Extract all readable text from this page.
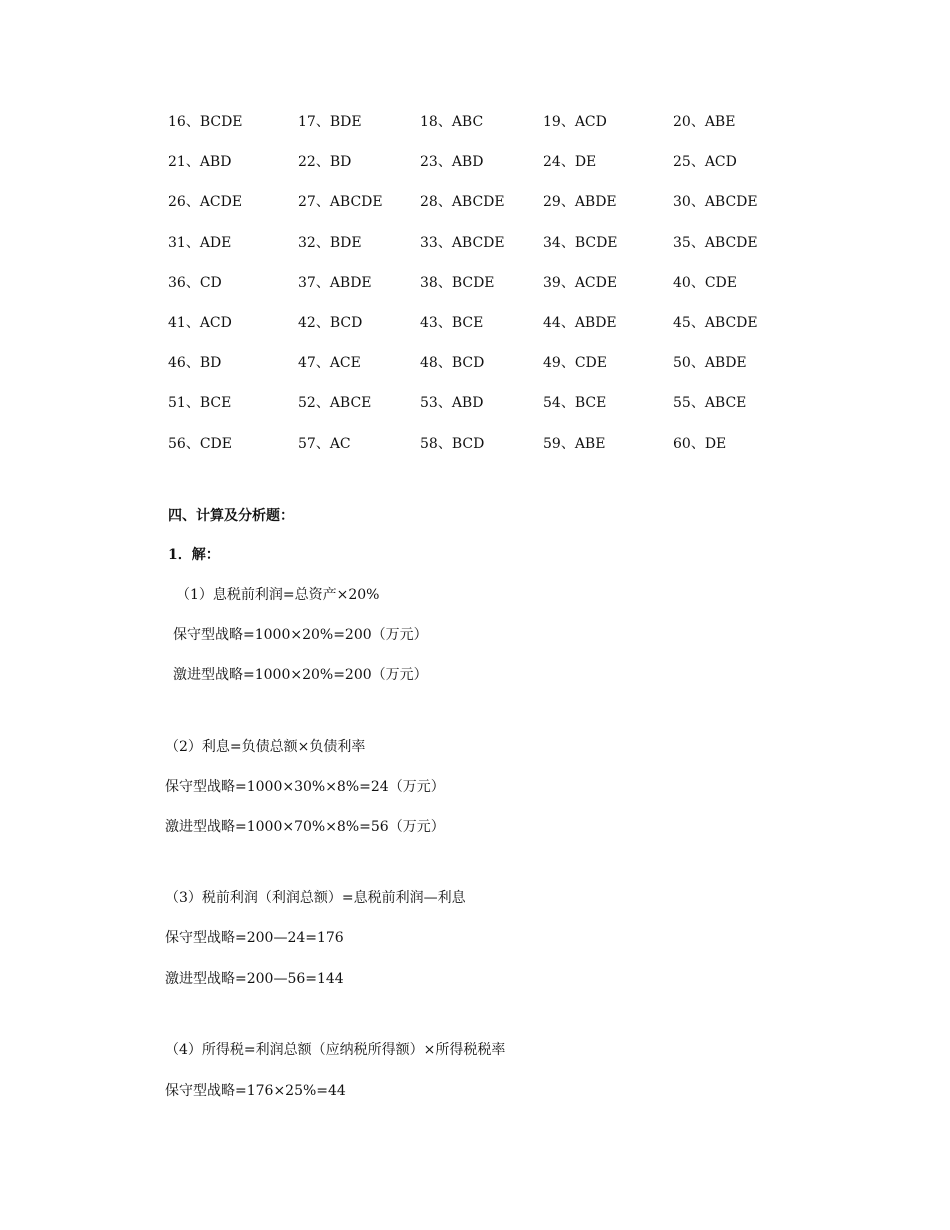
16、BCDE	17、BDE	18、ABC	19、ACD	20、ABE
21、ABD	22、BD	23、ABD	24、DE	25、ACD
26、ACDE	27、ABCDE	28、ABCDE	29、ABDE	30、ABCDE
31、ADE	32、BDE	33、ABCDE	34、BCDE	35、ABCDE
36、CD	37、ABDE	38、BCDE	39、ACDE	40、CDE
41、ACD	42、BCD	43、BCE	44、ABDE	45、ABCDE
46、BD	47、ACE	48、BCD	49、CDE	50、ABDE
51、BCE	52、ABCE	53、ABD	54、BCE	55、ABCE
56、CDE	57、AC	58、BCD	59、ABE	60、DE
四、计算及分析题：
1．解：
（1）息税前利润=总资产×20%
保守型战略=1000×20%=200（万元）
激进型战略=1000×20%=200（万元）
（2）利息=负债总额×负债利率
保守型战略=1000×30%×8%=24（万元）
激进型战略=1000×70%×8%=56（万元）
（3）税前利润（利润总额）=息税前利润—利息
保守型战略=200—24=176
激进型战略=200—56=144
（4）所得税=利润总额（应纳税所得额）×所得税税率
保守型战略=176×25%=44
